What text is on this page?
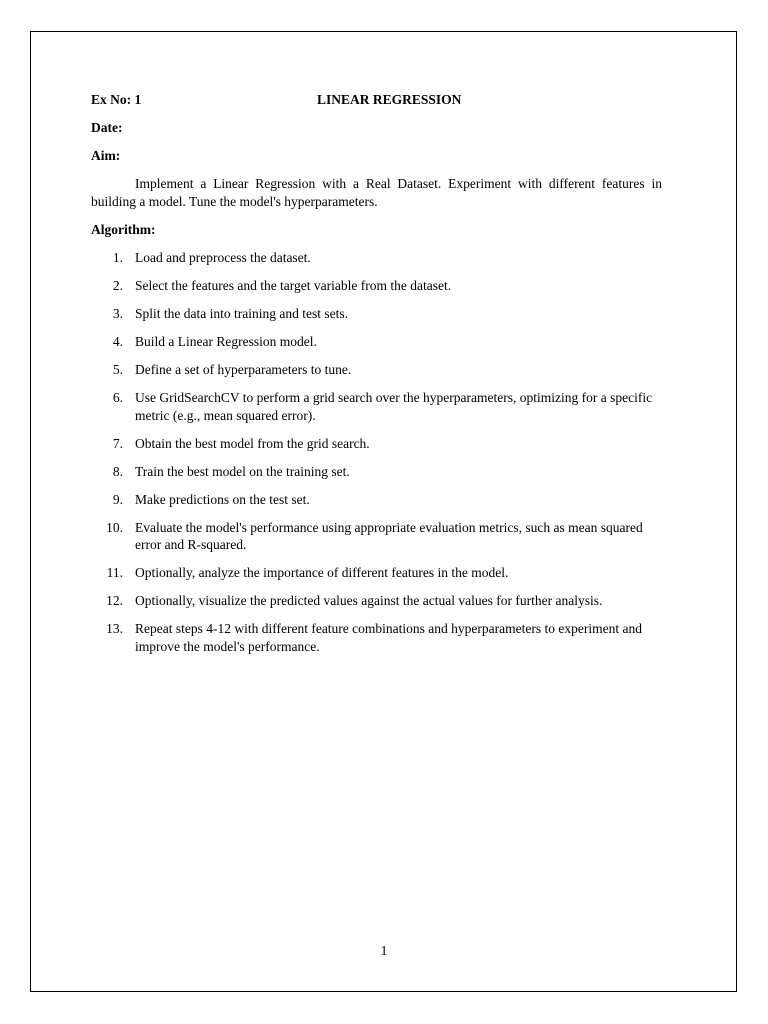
Ex No: 1	LINEAR REGRESSION
Date:
Aim:

Implement a Linear Regression with a Real Dataset. Experiment with different features in building a model. Tune the model's hyperparameters.

Algorithm:
1. Load and preprocess the dataset.
2. Select the features and the target variable from the dataset.
3. Split the data into training and test sets.
4. Build a Linear Regression model.
5. Define a set of hyperparameters to tune.
6. Use GridSearchCV to perform a grid search over the hyperparameters, optimizing for a specific metric (e.g., mean squared error).
7. Obtain the best model from the grid search.
8. Train the best model on the training set.
9. Make predictions on the test set.
10. Evaluate the model's performance using appropriate evaluation metrics, such as mean squared error and R-squared.
11. Optionally, analyze the importance of different features in the model.
12. Optionally, visualize the predicted values against the actual values for further analysis.
13. Repeat steps 4-12 with different feature combinations and hyperparameters to experiment and improve the model's performance.
1
